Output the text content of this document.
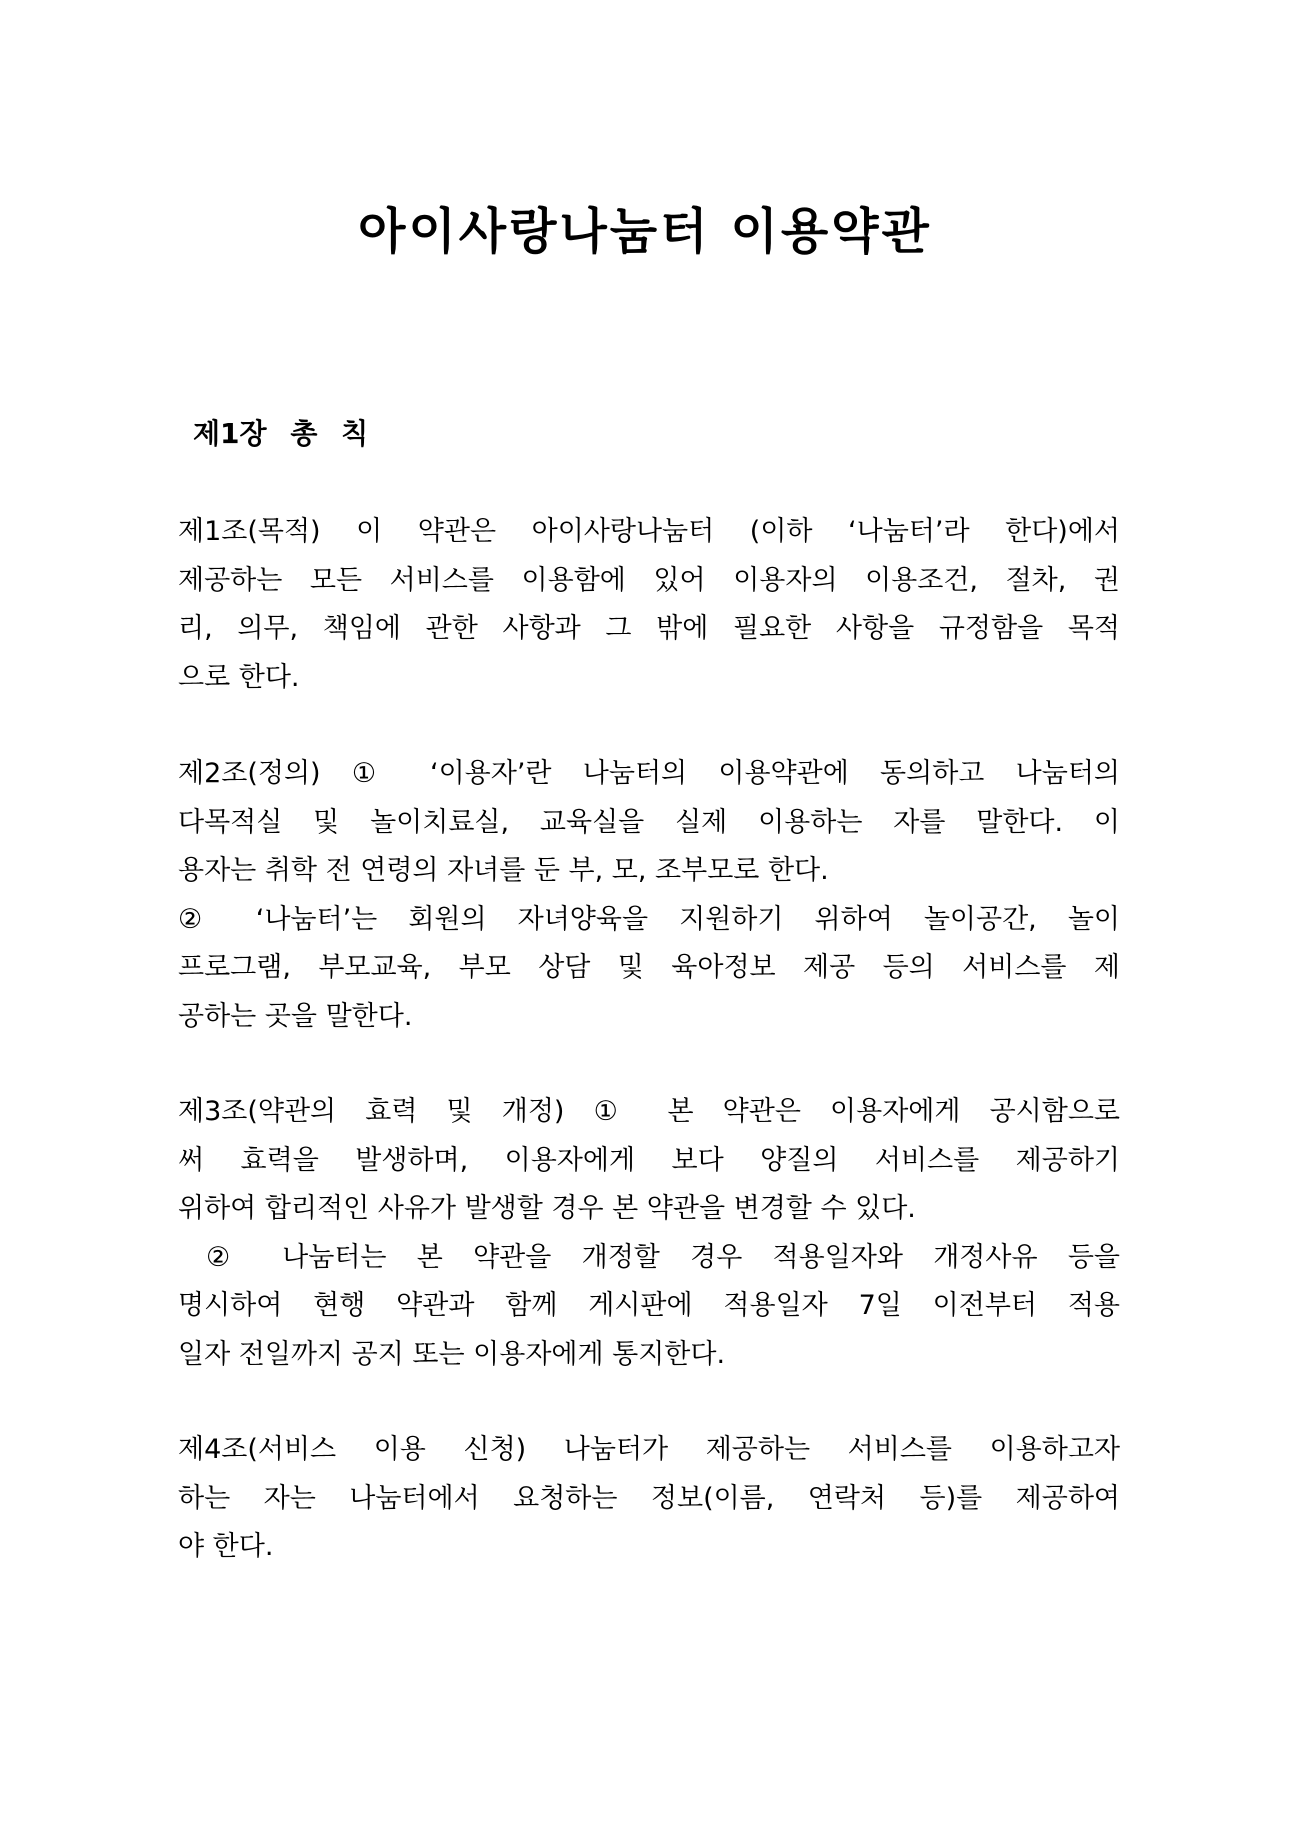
아이사랑나눔터 이용약관
제1장 총 칙
제1조(목적) 이 약관은 아이사랑나눔터 (이하 ‘나눔터’라 한다)에서
제공하는 모든 서비스를 이용함에 있어 이용자의 이용조건, 절차, 권
리, 의무, 책임에 관한 사항과 그 밖에 필요한 사항을 규정함을 목적
으로 한다.
제2조(정의) ① ‘이용자’란 나눔터의 이용약관에 동의하고 나눔터의
다목적실 및 놀이치료실, 교육실을 실제 이용하는 자를 말한다. 이
용자는 취학 전 연령의 자녀를 둔 부, 모, 조부모로 한다.
② ‘나눔터’는 회원의 자녀양육을 지원하기 위하여 놀이공간, 놀이
프로그램, 부모교육, 부모 상담 및 육아정보 제공 등의 서비스를 제
공하는 곳을 말한다.
제3조(약관의 효력 및 개정) ① 본 약관은 이용자에게 공시함으로
써 효력을 발생하며, 이용자에게 보다 양질의 서비스를 제공하기
위하여 합리적인 사유가 발생할 경우 본 약관을 변경할 수 있다.
② 나눔터는 본 약관을 개정할 경우 적용일자와 개정사유 등을
명시하여 현행 약관과 함께 게시판에 적용일자 7일 이전부터 적용
일자 전일까지 공지 또는 이용자에게 통지한다.
제4조(서비스 이용 신청) 나눔터가 제공하는 서비스를 이용하고자
하는 자는 나눔터에서 요청하는 정보(이름, 연락처 등)를 제공하여
야 한다.
